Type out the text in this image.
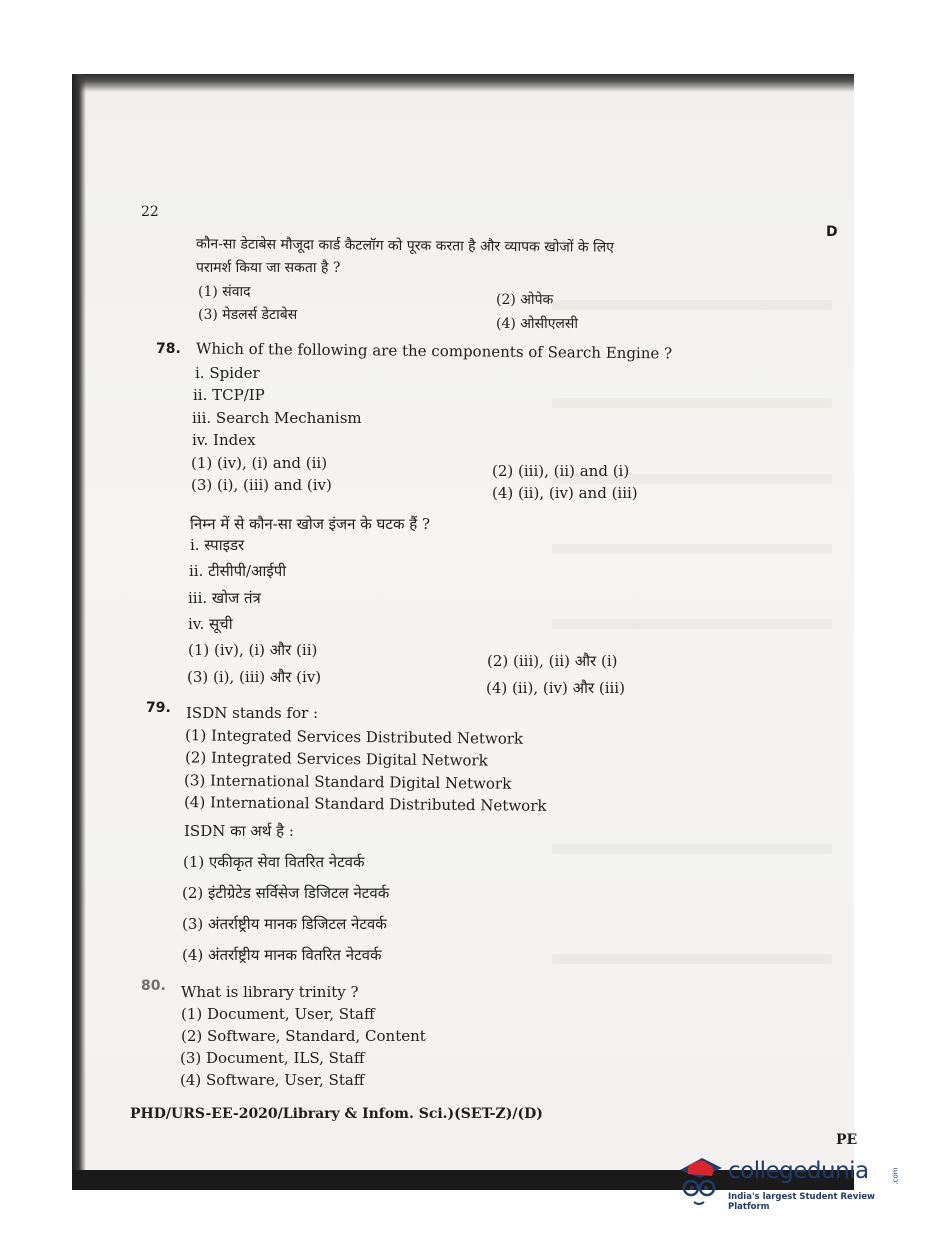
22
D
कौन-सा डेटाबेस मौजूदा कार्ड कैटलॉग को पूरक करता है और व्यापक खोजों के लिए
परामर्श किया जा सकता है ?
(1) संवाद	(2) ओपेक
(3) मेडलर्स डेटाबेस
(4) ओसीएलसी
78. Which of the following are the components of Search Engine ?
i. Spider
ii. TCP/IP
iii. Search Mechanism
iv. Index
(1) (iv), (i) and (ii)	(2) (iii), (ii) and (i)
(3) (i), (iii) and (iv)	(4) (ii), (iv) and (iii)
निम्न में से कौन-सा खोज इंजन के घटक हैं ?
i. स्पाइडर
ii. टीसीपी/आईपी
iii. खोज तंत्र
iv. सूची
(1) (iv), (i) और (ii)
(2) (iii), (ii) और (i)
(3) (i), (iii) और (iv)
(4) (ii), (iv) और (iii)
79. ISDN stands for :
(1) Integrated Services Distributed Network
(2) Integrated Services Digital Network
(3) International Standard Digital Network
(4) International Standard Distributed Network
ISDN का अर्थ है :
(1) एकीकृत सेवा वितरित नेटवर्क
(2) इंटीग्रेटेड सर्विसेज डिजिटल नेटवर्क
(3) अंतर्राष्ट्रीय मानक डिजिटल नेटवर्क
(4) अंतर्राष्ट्रीय मानक वितरित नेटवर्क
80. What is library trinity ?
(1) Document, User, Staff
(2) Software, Standard, Content
(3) Document, ILS, Staff
(4) Software, User, Staff
PHD/URS-EE-2020/Library & Infom. Sci.)(SET-Z)/(D)
PE
collegedunia	.com
India's largest Student Review Platform
